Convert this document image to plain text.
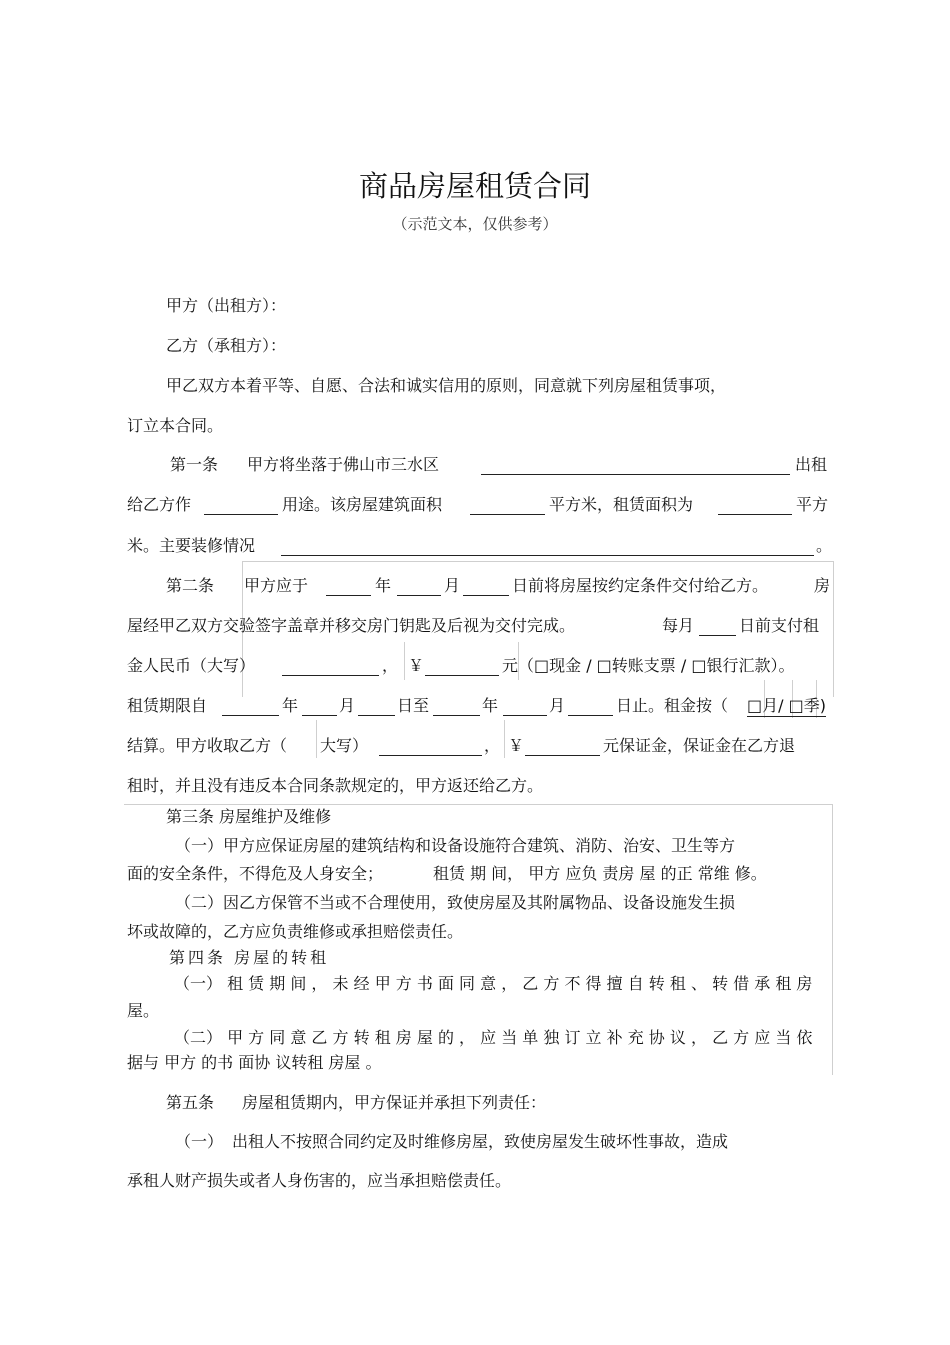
商品房屋租赁合同
（示范文本，仅供参考）
甲方（出租方）：
乙方（承租方）：
甲乙双方本着平等、自愿、合法和诚实信用的原则，同意就下列房屋租赁事项，
订立本合同。
第一条 甲方将坐落于佛山市三水区	出租
给乙方作	用途。该房屋建筑面积	平方米，租赁面积为	平方
米。主要装修情况	。
第二条 甲方应于	年	月	日前将房屋按约定条件交付给乙方。	房
屋经甲乙双方交验签字盖章并移交房门钥匙及后视为交付完成。	每月	日前支付租
金人民币（大写）	， ￥	元（□现金 / □转账支票 / □银行汇款）。
租赁期限自	年	月	日至	年	月	日止。租金按（ □月/ □季)
结算。甲方收取乙方（ 大写）	， ￥	元保证金，保证金在乙方退
租时，并且没有违反本合同条款规定的，甲方返还给乙方。
第三条 房屋维护及维修
（一）甲方应保证房屋的建筑结构和设备设施符合建筑、消防、治安、卫生等方
面的安全条件，不得危及人身安全；	租赁 期 间， 甲方 应负 责房 屋 的正 常维 修。
（二）因乙方保管不当或不合理使用，致使房屋及其附属物品、设备设施发生损
坏或故障的，乙方应负责维修或承担赔偿责任。
第四条 房屋的转租
（一） 租 赁 期 间 ， 未 经 甲 方 书 面 同 意 ， 乙 方 不 得 擅 自 转 租 、 转 借 承 租 房
屋。
（二） 甲 方 同 意 乙 方 转 租 房 屋 的 ， 应 当 单 独 订 立 补 充 协 议 ， 乙 方 应 当 依
据与 甲方 的书 面协 议转租 房屋 。
第五条 房屋租赁期内，甲方保证并承担下列责任：
（一） 出租人不按照合同约定及时维修房屋，致使房屋发生破坏性事故，造成
承租人财产损失或者人身伤害的，应当承担赔偿责任。
